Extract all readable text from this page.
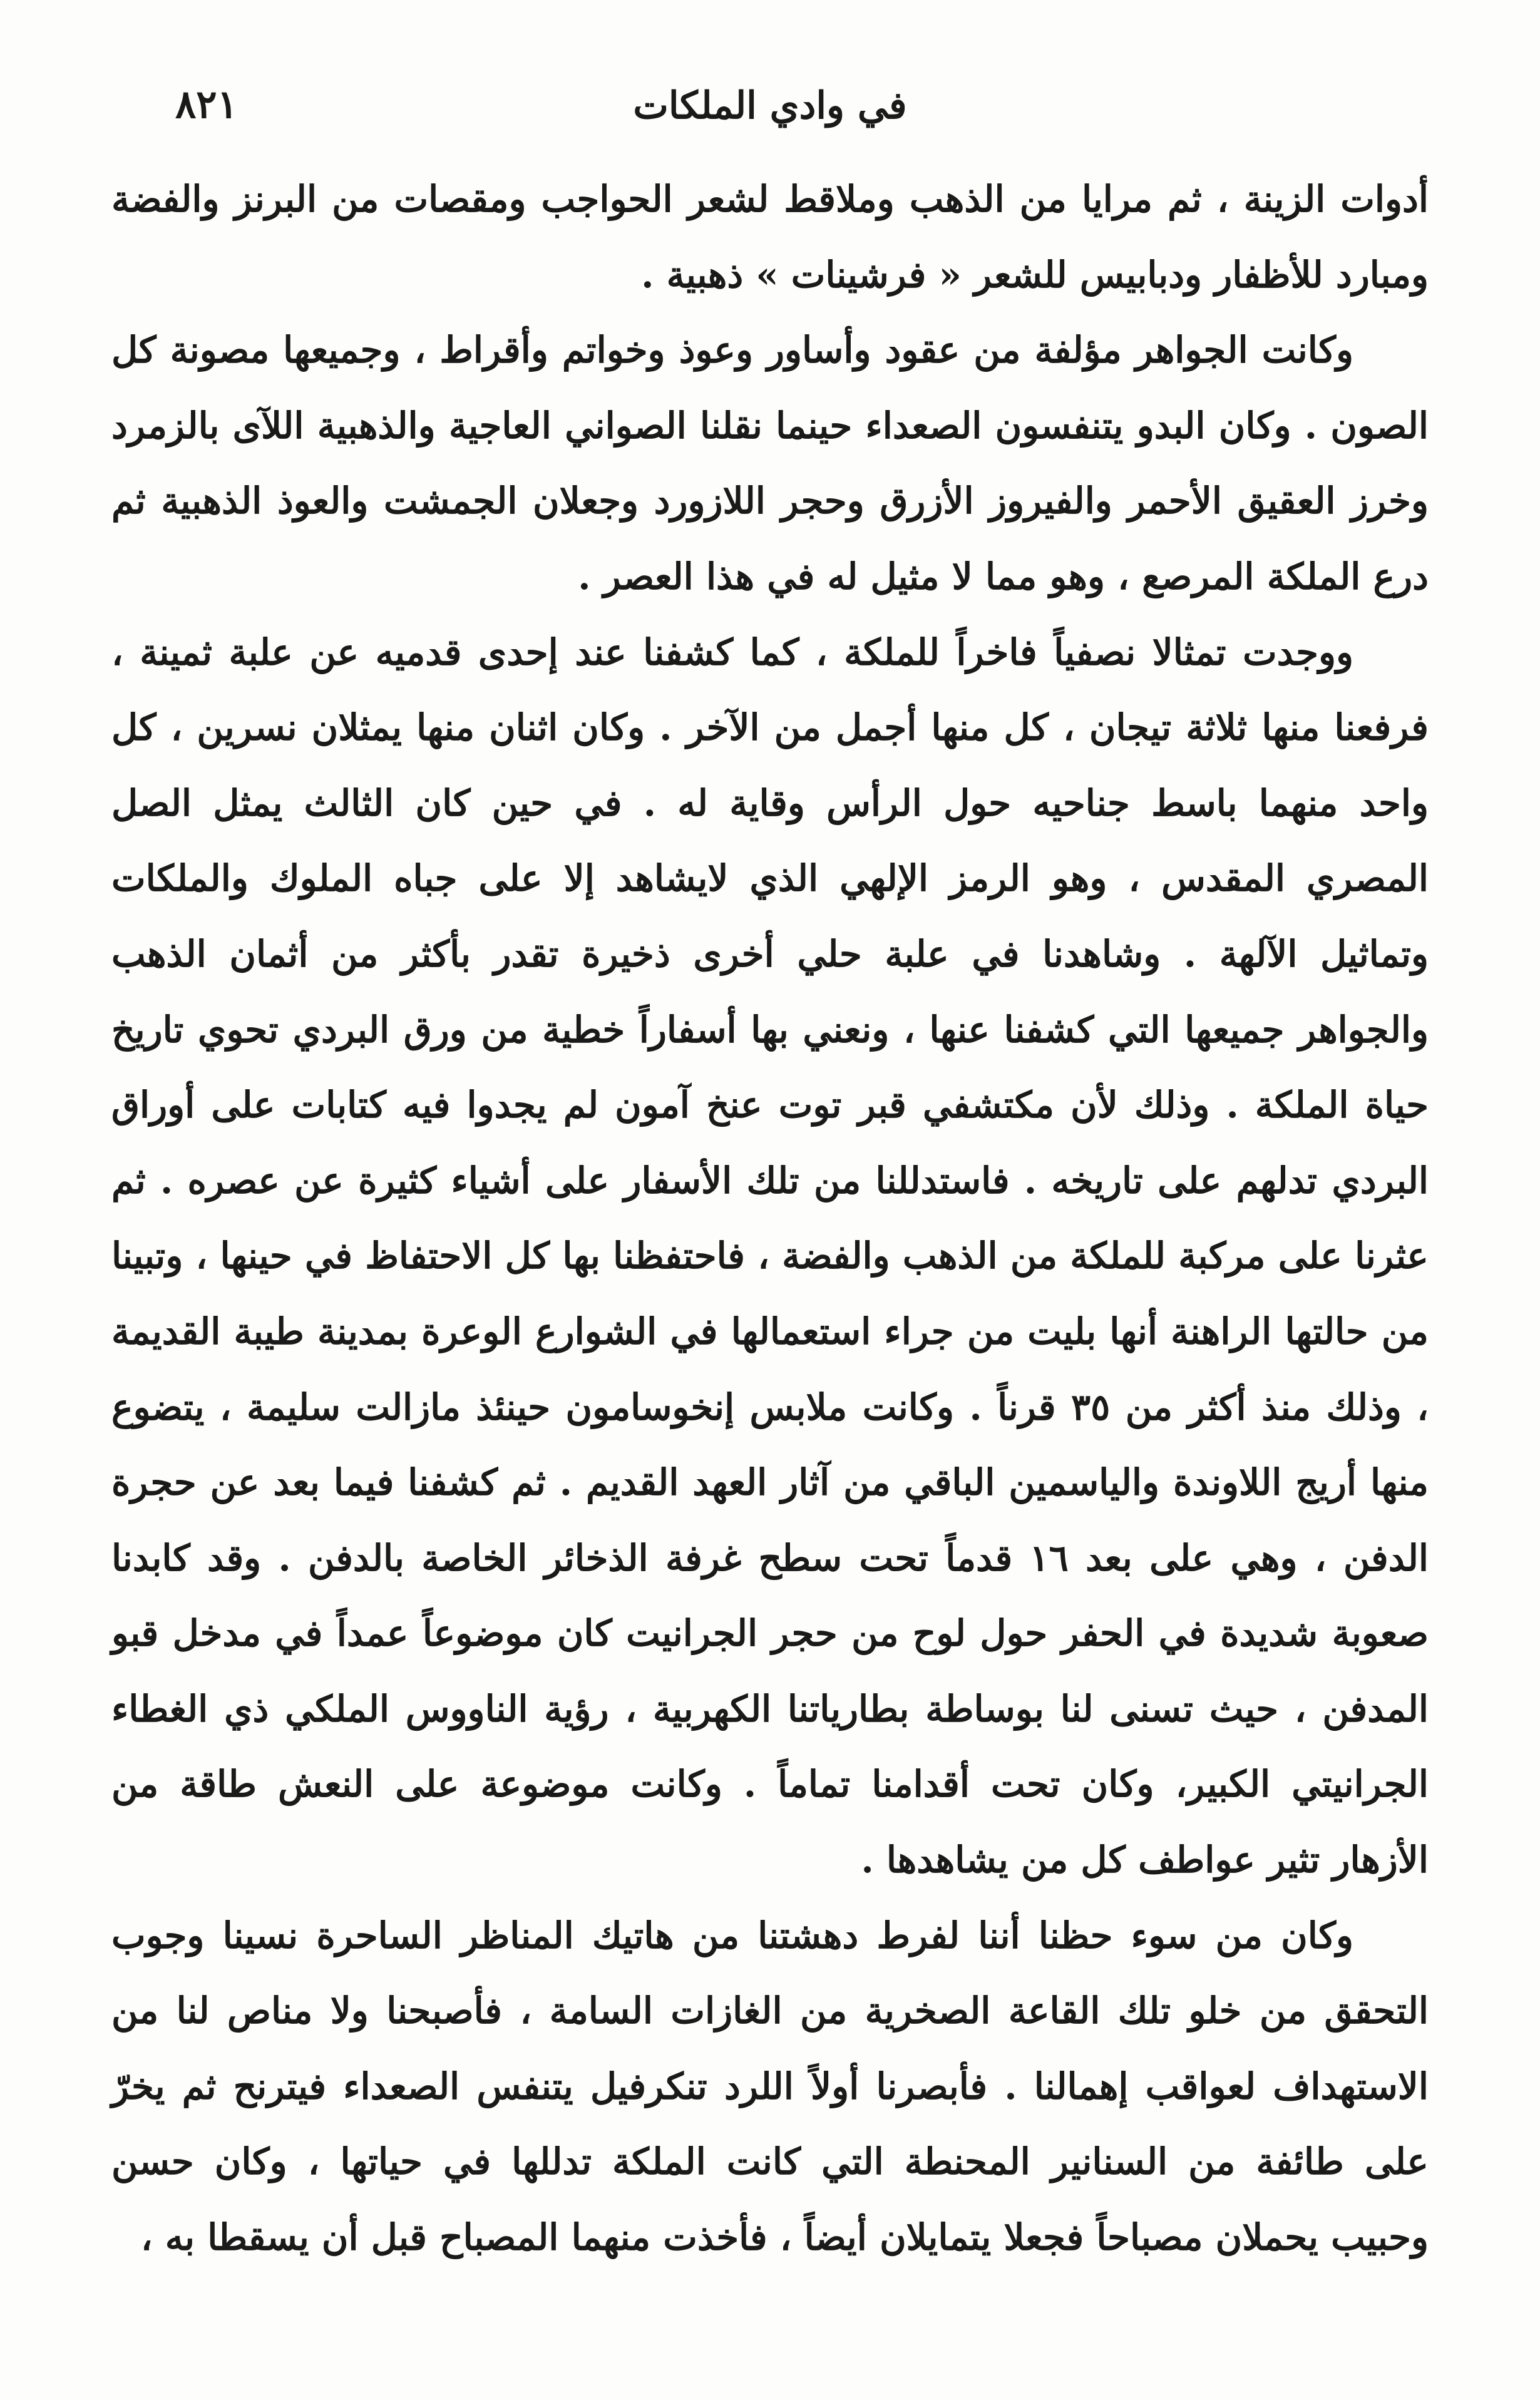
٨٢١	في وادي الملكات

أدوات الزينة ، ثم مرايا من الذهب وملاقط لشعر الحواجب ومقصات من البرنز والفضة ومبارد للأظفار ودبابيس للشعر « فرشينات » ذهبية .

وكانت الجواهر مؤلفة من عقود وأساور وعوذ وخواتم وأقراط ، وجميعها مصونة كل الصون . وكان البدو يتنفسون الصعداء حينما نقلنا الصواني العاجية والذهبية اللآى بالزمرد وخرز العقيق الأحمر والفيروز الأزرق وحجر اللازورد وجعلان الجمشت والعوذ الذهبية ثم درع الملكة المرصع ، وهو مما لا مثيل له في هذا العصر .

ووجدت تمثالا نصفياً فاخراً للملكة ، كما كشفنا عند إحدى قدميه عن علبة ثمينة ، فرفعنا منها ثلاثة تيجان ، كل منها أجمل من الآخر . وكان اثنان منها يمثلان نسرين ، كل واحد منهما باسط جناحيه حول الرأس وقاية له . في حين كان الثالث يمثل الصل المصري المقدس ، وهو الرمز الإلهي الذي لايشاهد إلا على جباه الملوك والملكات وتماثيل الآلهة . وشاهدنا في علبة حلي أخرى ذخيرة تقدر بأكثر من أثمان الذهب والجواهر جميعها التي كشفنا عنها ، ونعني بها أسفاراً خطية من ورق البردي تحوي تاريخ حياة الملكة . وذلك لأن مكتشفي قبر توت عنخ آمون لم يجدوا فيه كتابات على أوراق البردي تدلهم على تاريخه . فاستدللنا من تلك الأسفار على أشياء كثيرة عن عصره . ثم عثرنا على مركبة للملكة من الذهب والفضة ، فاحتفظنا بها كل الاحتفاظ في حينها ، وتبينا من حالتها الراهنة أنها بليت من جراء استعمالها في الشوارع الوعرة بمدينة طيبة القديمة ، وذلك منذ أكثر من ٣٥ قرناً . وكانت ملابس إنخوسامون حينئذ مازالت سليمة ، يتضوع منها أريج اللاوندة والياسمين الباقي من آثار العهد القديم . ثم كشفنا فيما بعد عن حجرة الدفن ، وهي على بعد ١٦ قدماً تحت سطح غرفة الذخائر الخاصة بالدفن . وقد كابدنا صعوبة شديدة في الحفر حول لوح من حجر الجرانيت كان موضوعاً عمداً في مدخل قبو المدفن ، حيث تسنى لنا بوساطة بطارياتنا الكهربية ، رؤية الناووس الملكي ذي الغطاء الجرانيتي الكبير، وكان تحت أقدامنا تماماً . وكانت موضوعة على النعش طاقة من الأزهار تثير عواطف كل من يشاهدها .

وكان من سوء حظنا أننا لفرط دهشتنا من هاتيك المناظر الساحرة نسينا وجوب التحقق من خلو تلك القاعة الصخرية من الغازات السامة ، فأصبحنا ولا مناص لنا من الاستهداف لعواقب إهمالنا . فأبصرنا أولاً اللرد تنكرفيل يتنفس الصعداء فيترنح ثم يخرّ على طائفة من السنانير المحنطة التي كانت الملكة تدللها في حياتها ، وكان حسن وحبيب يحملان مصباحاً فجعلا يتمايلان أيضاً ، فأخذت منهما المصباح قبل أن يسقطا به ،
